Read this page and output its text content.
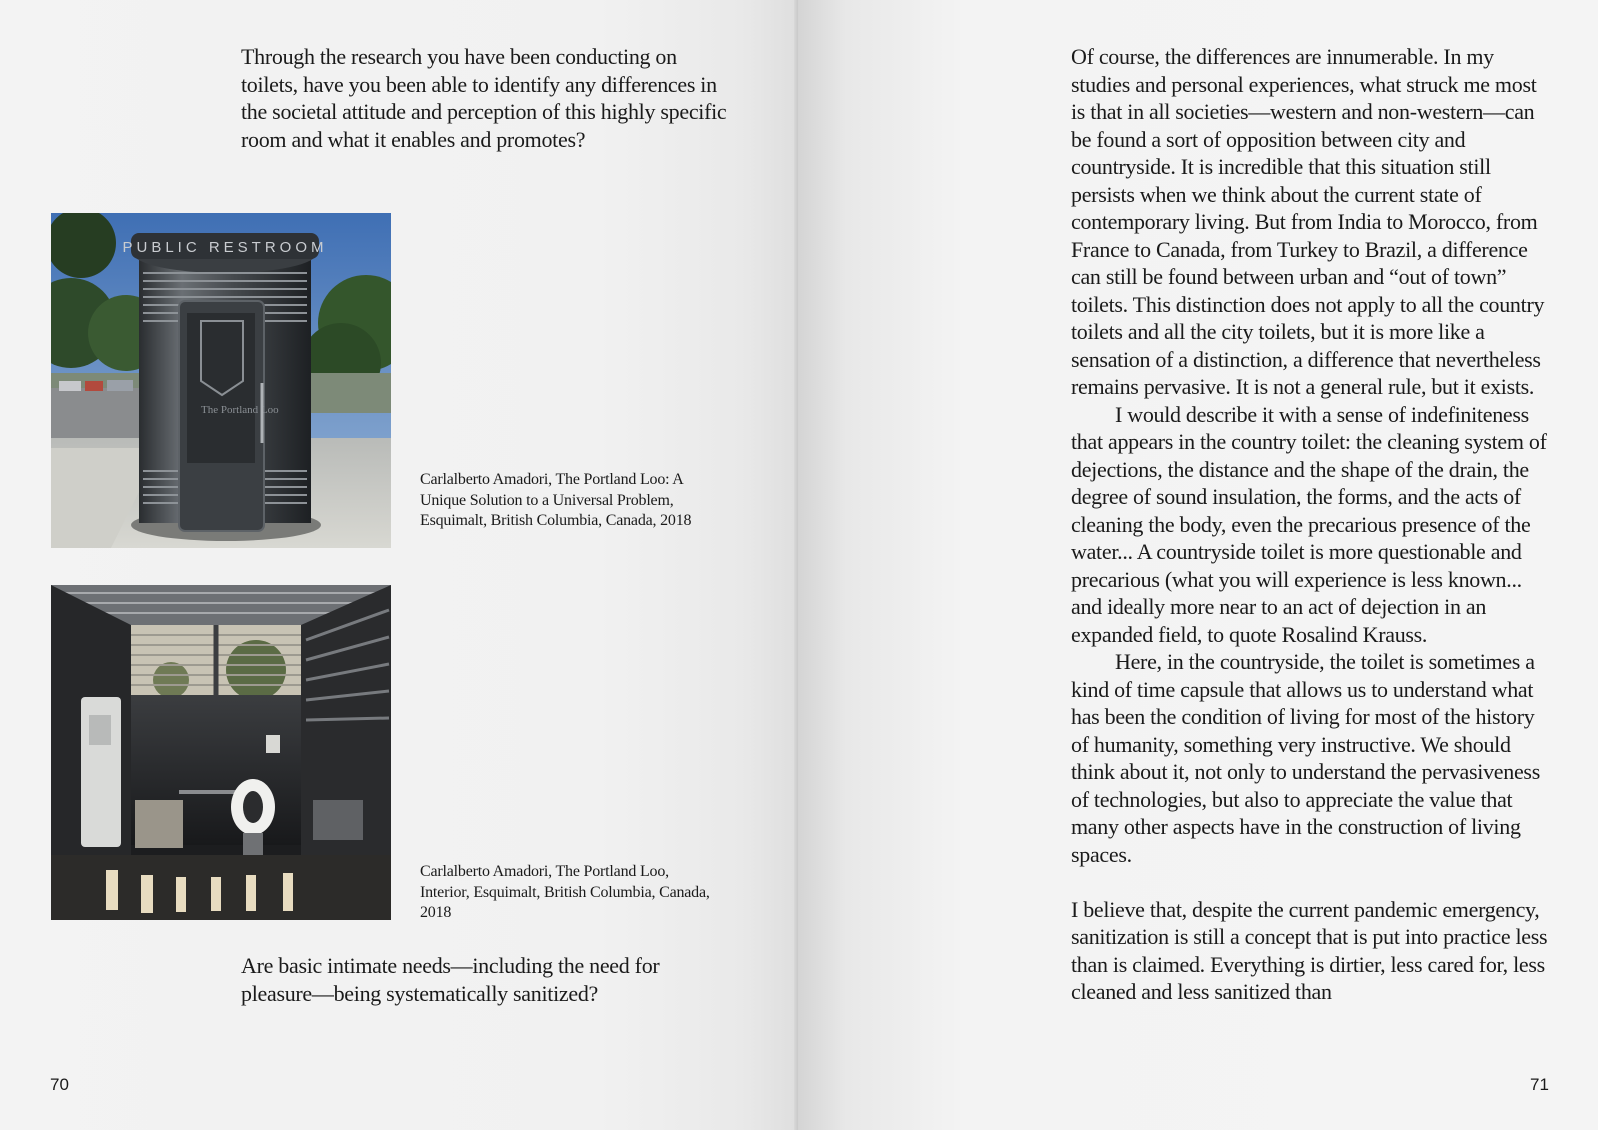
Through the research you have been conducting on toilets, have you been able to identify any differences in the societal attitude and perception of this highly specific room and what it enables and promotes?

PUBLIC RESTROOM
The Portland Loo

Carlalberto Amadori, The Portland Loo: A Unique Solution to a Universal Problem, Esquimalt, British Columbia, Canada, 2018

Carlalberto Amadori, The Portland Loo, Interior, Esquimalt, British Columbia, Canada, 2018

Are basic intimate needs—including the need for pleasure—being systematically sanitized?

70

Of course, the differences are innumerable. In my studies and personal experiences, what struck me most is that in all societies—western and non-western—can be found a sort of opposition between city and countryside. It is incredible that this situation still persists when we think about the current state of contemporary living. But from India to Morocco, from France to Canada, from Turkey to Brazil, a difference can still be found between urban and “out of town” toilets. This distinction does not apply to all the country toilets and all the city toilets, but it is more like a sensation of a distinction, a difference that nevertheless remains pervasive. It is not a general rule, but it exists.

I would describe it with a sense of indefiniteness that appears in the country toilet: the cleaning system of dejections, the distance and the shape of the drain, the degree of sound insulation, the forms, and the acts of cleaning the body, even the precarious presence of the water... A countryside toilet is more questionable and precarious (what you will experience is less known... and ideally more near to an act of dejection in an expanded field, to quote Rosalind Krauss.

Here, in the countryside, the toilet is sometimes a kind of time capsule that allows us to understand what has been the condition of living for most of the history of humanity, something very instructive. We should think about it, not only to understand the pervasiveness of technologies, but also to appreciate the value that many other aspects have in the construction of living spaces.

I believe that, despite the current pandemic emergency, sanitization is still a concept that is put into practice less than is claimed. Everything is dirtier, less cared for, less cleaned and less sanitized than

71
